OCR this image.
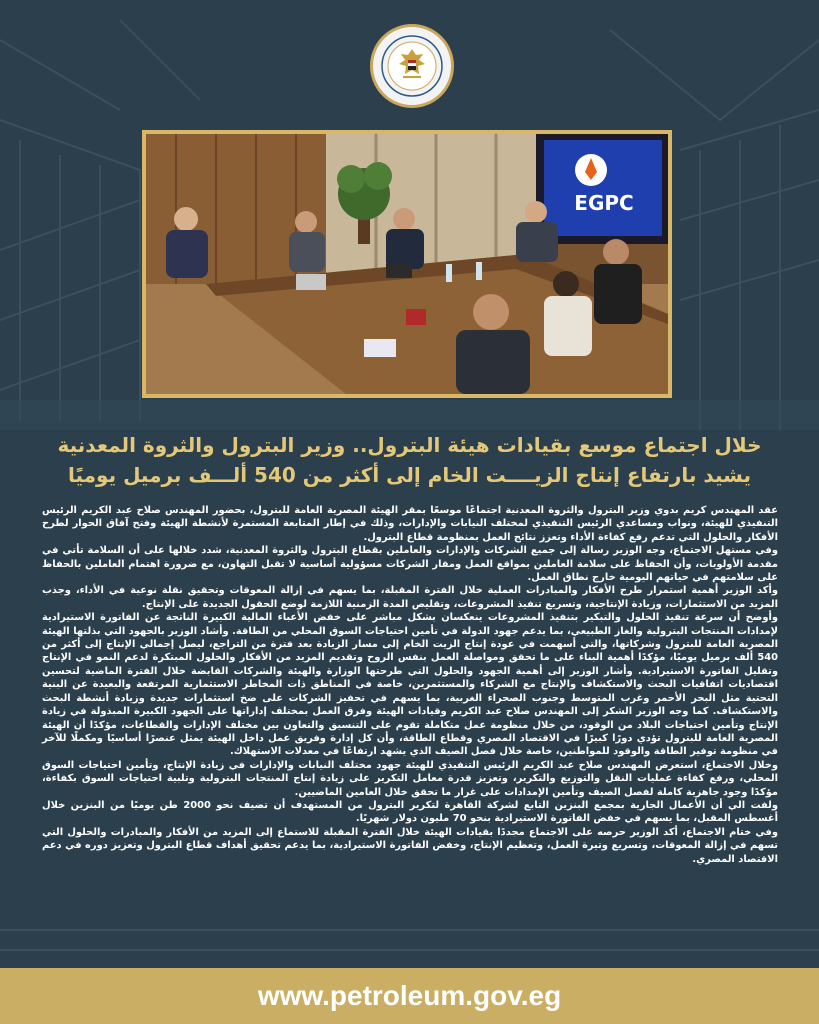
EGPC
خلال اجتماع موسع بقيادات هيئة البترول.. وزير البترول والثروة المعدنية
يشيد بارتفاع إنتاج الزيــــت الخام إلى أكثر من 540 ألـــف برميل يوميًا

عقد المهندس كريم بدوي وزير البترول والثروة المعدنية اجتماعًا موسعًا بمقر الهيئة المصرية العامة للبترول، بحضور المهندس صلاح عبد الكريم الرئيس التنفيذي للهيئة، ونواب ومساعدي الرئيس التنفيذي لمختلف النيابات والإدارات، وذلك في إطار المتابعة المستمرة لأنشطة الهيئة وفتح آفاق الحوار لطرح الأفكار والحلول التي تدعم رفع كفاءة الأداء وتعزز نتائج العمل بمنظومة قطاع البترول.

وفي مستهل الاجتماع، وجه الوزير رسالة إلى جميع الشركات والإدارات والعاملين بقطاع البترول والثروة المعدنية، شدد خلالها على أن السلامة تأتي في مقدمة الأولويات، وأن الحفاظ على سلامة العاملين بمواقع العمل ومقار الشركات مسؤولية أساسية لا تقبل التهاون، مع ضرورة اهتمام العاملين بالحفاظ على سلامتهم في حياتهم اليومية خارج نطاق العمل.

وأكد الوزير أهمية استمرار طرح الأفكار والمبادرات العملية خلال الفترة المقبلة، بما يسهم في إزالة المعوقات وتحقيق نقلة نوعية في الأداء، وجذب المزيد من الاستثمارات، وزيادة الإنتاجية، وتسريع تنفيذ المشروعات، وتقليص المدة الزمنية اللازمة لوضع الحقول الجديدة على الإنتاج.

وأوضح أن سرعة تنفيذ الحلول والتبكير بتنفيذ المشروعات ينعكسان بشكل مباشر على خفض الأعباء المالية الكبيرة الناتجة عن الفاتورة الاستيرادية لإمدادات المنتجات البترولية والغاز الطبيعي، بما يدعم جهود الدولة في تأمين احتياجات السوق المحلي من الطاقة. وأشاد الوزير بالجهود التي بذلتها الهيئة المصرية العامة للبترول وشركاتها، والتي أسهمت في عودة إنتاج الزيت الخام إلى مسار الزيادة بعد فترة من التراجع، ليصل إجمالي الإنتاج إلى أكثر من 540 ألف برميل يوميًا، مؤكدًا أهمية البناء على ما تحقق ومواصلة العمل بنفس الروح وتقديم المزيد من الأفكار والحلول المبتكرة لدعم النمو في الإنتاج وتقليل الفاتورة الاستيرادية. وأشار الوزير إلى أهمية الجهود والحلول التي طرحتها الوزارة والهيئة والشركات القابضة خلال الفترة الماضية لتحسين اقتصاديات اتفاقيات البحث والاستكشاف والإنتاج مع الشركاء والمستثمرين، خاصة في المناطق ذات المخاطر الاستثمارية المرتفعة والبعيدة عن البنية التحتية مثل البحر الأحمر وغرب المتوسط وجنوب الصحراء الغربية، بما يسهم في تحفيز الشركات على ضخ استثمارات جديدة وزيادة أنشطة البحث والاستكشاف. كما وجه الوزير الشكر إلى المهندس صلاح عبد الكريم وقيادات الهيئة وفرق العمل بمختلف إداراتها على الجهود الكبيرة المبذولة في زيادة الإنتاج وتأمين احتياجات البلاد من الوقود، من خلال منظومة عمل متكاملة تقوم على التنسيق والتعاون بين مختلف الإدارات والقطاعات، مؤكدًا أن الهيئة المصرية العامة للبترول تؤدي دورًا كبيرًا في الاقتصاد المصري وقطاع الطاقة، وأن كل إدارة وفريق عمل داخل الهيئة يمثل عنصرًا أساسيًا ومكملًا للآخر في منظومة توفير الطاقة والوقود للمواطنين، خاصة خلال فصل الصيف الذي يشهد ارتفاعًا في معدلات الاستهلاك.

وخلال الاجتماع، استعرض المهندس صلاح عبد الكريم الرئيس التنفيذي للهيئة جهود مختلف النيابات والإدارات في زيادة الإنتاج، وتأمين احتياجات السوق المحلي، ورفع كفاءة عمليات النقل والتوزيع والتكرير، وتعزيز قدرة معامل التكرير على زيادة إنتاج المنتجات البترولية وتلبية احتياجات السوق بكفاءة، مؤكدًا وجود جاهزية كاملة لفصل الصيف وتأمين الإمدادات على غرار ما تحقق خلال العامين الماضيين.

ولفت الي أن الأعمال الجارية بمجمع البنزين التابع لشركة القاهرة لتكرير البترول من المستهدف أن تضيف نحو 2000 طن يوميًا من البنزين خلال أغسطس المقبل، بما يسهم في خفض الفاتورة الاستيرادية بنحو 70 مليون دولار شهريًا.

وفي ختام الاجتماع، أكد الوزير حرصه على الاجتماع مجددًا بقيادات الهيئة خلال الفترة المقبلة للاستماع إلى المزيد من الأفكار والمبادرات والحلول التي تسهم في إزالة المعوقات، وتسريع وتيرة العمل، وتعظيم الإنتاج، وخفض الفاتورة الاستيرادية، بما يدعم تحقيق أهداف قطاع البترول وتعزيز دوره في دعم الاقتصاد المصري.

www.petroleum.gov.eg
